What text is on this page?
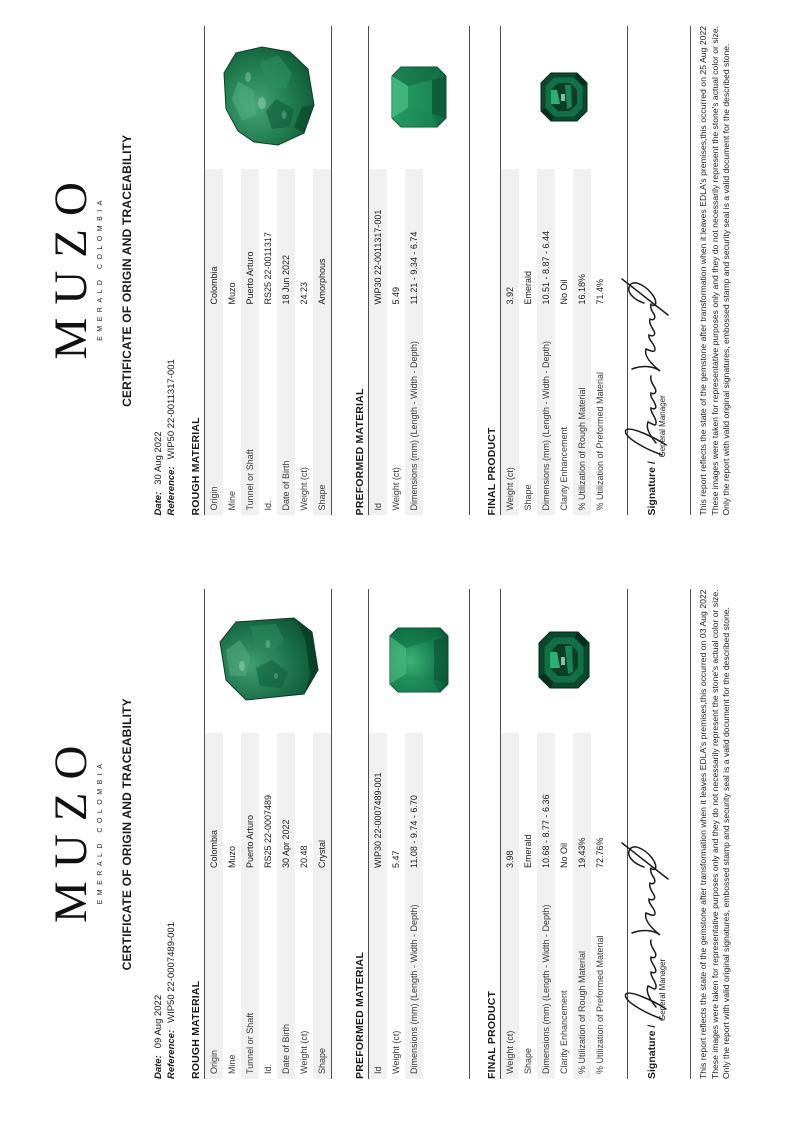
MUZO EMERALD COLOMBIA CERTIFICATE OF ORIGIN AND TRACEABILITY
Date:09 Aug 2022
Reference:WIP50 22-0007489-001
ROUGH MATERIAL Origin
Colombia
Mine
Muzo
Tunnel or Shaft
Puerto Arturo
Id.
RS25 22-0007489
Date of Birth
30 Apr 2022
Weight (ct)
20.48
Shape
Crystal
PREFORMED MATERIAL Id
WIP30 22-0007489-001
Weight (ct)
5.47
Dimensions (mm) (Length - Width - Depth)
11.08 - 9.74 - 6.70
FINAL PRODUCT Weight (ct)
3.98
Shape
Emerald
Dimensions (mm) (Length - Width - Depth)
10.68 - 8.77 - 6.36
Clarity Enhancement
No Oil
% Utilization of Rough Material
19.43%
% Utilization of Preformed Material
72.76%
Signature /
General Manager	This report reflects the state of the gemstone after transformation when it leaves EDLA's premises,this occurred on 03 Aug 2022 These images were taken for representative purposes only and they do not necessarily represent the stone's actual color or size. Only the report with valid original signatures, embossed stamp and security seal is a valid document for the described stone.
MUZO EMERALD COLOMBIA CERTIFICATE OF ORIGIN AND TRACEABILITY
Date:30 Aug 2022
Reference:WIP50 22-0011317-001
ROUGH MATERIAL Origin
Colombia
Mine
Muzo
Tunnel or Shaft
Puerto Arturo
Id.
RS25 22-0011317
Date of Birth
18 Jun 2022
Weight (ct)
24.23
Shape
Amorphous
PREFORMED MATERIAL Id
WIP30 22-0011317-001
Weight (ct)
5.49
Dimensions (mm) (Length - Width - Depth)
11.21 - 9.34 - 6.74
FINAL PRODUCT Weight (ct)
3.92
Shape
Emerald
Dimensions (mm) (Length - Width - Depth)
10.51 - 8.87 - 6.44
Clarity Enhancement
No Oil
% Utilization of Rough Material
16.18%
% Utilization of Preformed Material
71.4%
Signature /
General Manager	This report reflects the state of the gemstone after transformation when it leaves EDLA's premises,this occurred on 25 Aug 2022 These images were taken for representative purposes only and they do not necessarily represent the stone's actual color or size. Only the report with valid original signatures, embossed stamp and security seal is a valid document for the described stone.
